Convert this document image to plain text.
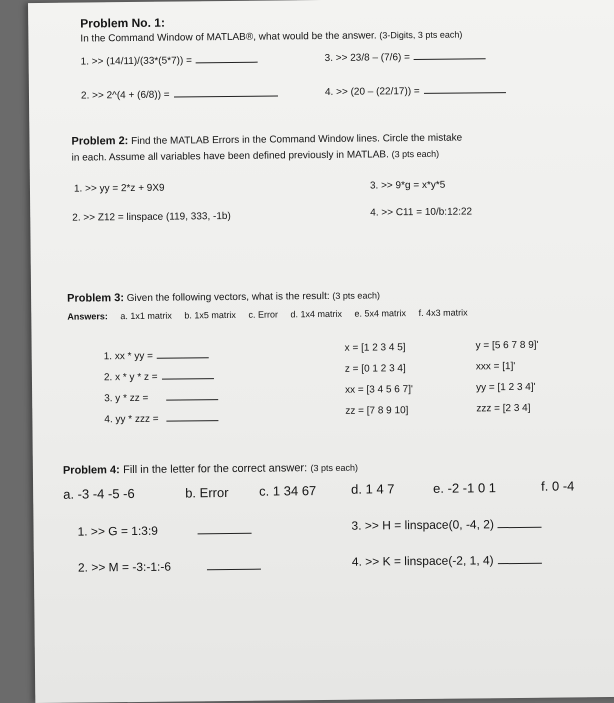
Problem No. 1:
In the Command Window of MATLAB®, what would be the answer. (3-Digits, 3 pts each)
1. >> (14/11)/(33*(5*7)) =	3. >> 23/8 – (7/6) =
2. >> 2^(4 + (6/8)) =	4. >> (20 – (22/17)) =
Problem 2: Find the MATLAB Errors in the Command Window lines. Circle the mistake
in each. Assume all variables have been defined previously in MATLAB. (3 pts each)
1. >> yy = 2*z + 9X9	3. >> 9*g = x*y*5
2. >> Z12 = linspace (119, 333, -1b)	4. >> C11 = 10/b:12:22
Problem 3: Given the following vectors, what is the result: (3 pts each)
Answers: a. 1x1 matrix b. 1x5 matrix c. Error d. 1x4 matrix e. 5x4 matrix f. 4x3 matrix
1. xx * yy =
2. x * y * z =
3. y * zz =
4. yy * zzz =
x = [1 2 3 4 5]
z = [0 1 2 3 4]
xx = [3 4 5 6 7]'
zz = [7 8 9 10]
y = [5 6 7 8 9]'
xxx = [1]'
yy = [1 2 3 4]'
zzz = [2 3 4]
Problem 4: Fill in the letter for the correct answer: (3 pts each)
a. -3 -4 -5 -6	b. Error c. 1 34 67	d. 1 4 7	e. -2 -1 0 1	f. 0 -4
1. >> G = 1:3:9	3. >> H = linspace(0, -4, 2)
2. >> M = -3:-1:-6	4. >> K = linspace(-2, 1, 4)
